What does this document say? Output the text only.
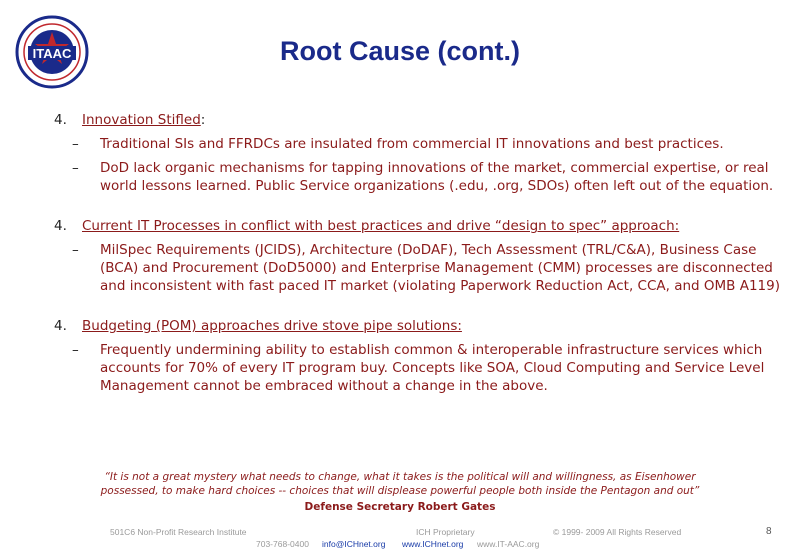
ITAAC	Root Cause (cont.)
4.	Innovation Stifled:
–	Traditional SIs and FFRDCs are insulated from commercial IT innovations and best practices.
–	DoD lack organic mechanisms for tapping innovations of the market, commercial expertise, or real world lessons learned. Public Service organizations (.edu, .org, SDOs) often left out of the equation.
4.	Current IT Processes in conflict with best practices and drive “design to spec” approach:
–	MilSpec Requirements (JCIDS), Architecture (DoDAF), Tech Assessment (TRL/C&A), Business Case (BCA) and Procurement (DoD5000) and Enterprise Management (CMM) processes are disconnected and inconsistent with fast paced IT market (violating Paperwork Reduction Act, CCA, and OMB A119)
4.	Budgeting (POM) approaches drive stove pipe solutions:
–	Frequently undermining ability to establish common & interoperable infrastructure services which accounts for 70% of every IT program buy. Concepts like SOA, Cloud Computing and Service Level Management cannot be embraced without a change in the above.
“It is not a great mystery what needs to change, what it takes is the political will and willingness, as Eisenhower possessed, to make hard choices -- choices that will displease powerful people both inside the Pentagon and out”
Defense Secretary Robert Gates
501C6 Non-Profit Research Institute	ICH Proprietary	© 1999- 2009 All Rights Reserved	8
703-768-0400 info@ICHnet.org www.ICHnet.org www.IT-AAC.org
